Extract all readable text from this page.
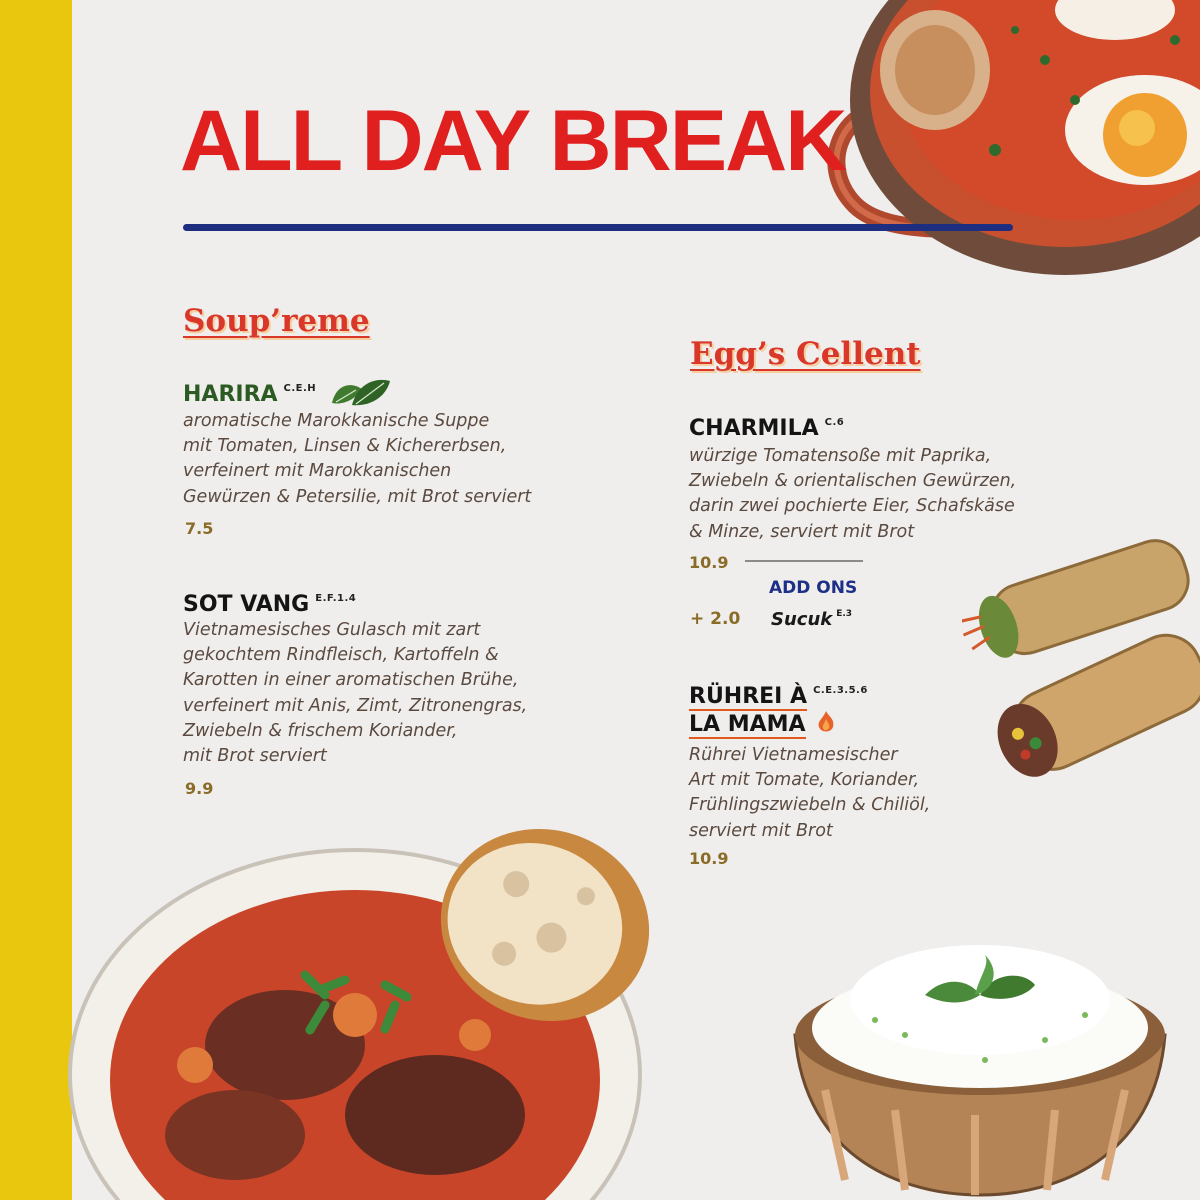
ALL DAY BREAK
Soup’reme
HARIRA $^{C.E.H}$

aromatische Marokkanische Suppe
mit Tomaten, Linsen & Kichererbsen,
verfeinert mit Marokkanischen
Gewürzen & Petersilie, mit Brot serviert

7.5
SOT VANG $^{E.F.1.4}$

Vietnamesisches Gulasch mit zart
gekochtem Rindfleisch, Kartoffeln &
Karotten in einer aromatischen Brühe,
verfeinert mit Anis, Zimt, Zitronengras,
Zwiebeln & frischem Koriander,
mit Brot serviert

9.9
Egg’s Cellent
CHARMILA $^{C.6}$

würzige Tomatensoße mit Paprika,
Zwiebeln & orientalischen Gewürzen,
darin zwei pochierte Eier, Schafskäse
& Minze, serviert mit Brot

10.9
ADD ONS
+ 2.0 Sucuk $^{E.3}$
RÜHREI À $^{C.E.3.5.6}$
LA MAMA

Rührei Vietnamesischer
Art mit Tomate, Koriander,
Frühlingszwiebeln & Chiliöl,
serviert mit Brot

10.9
